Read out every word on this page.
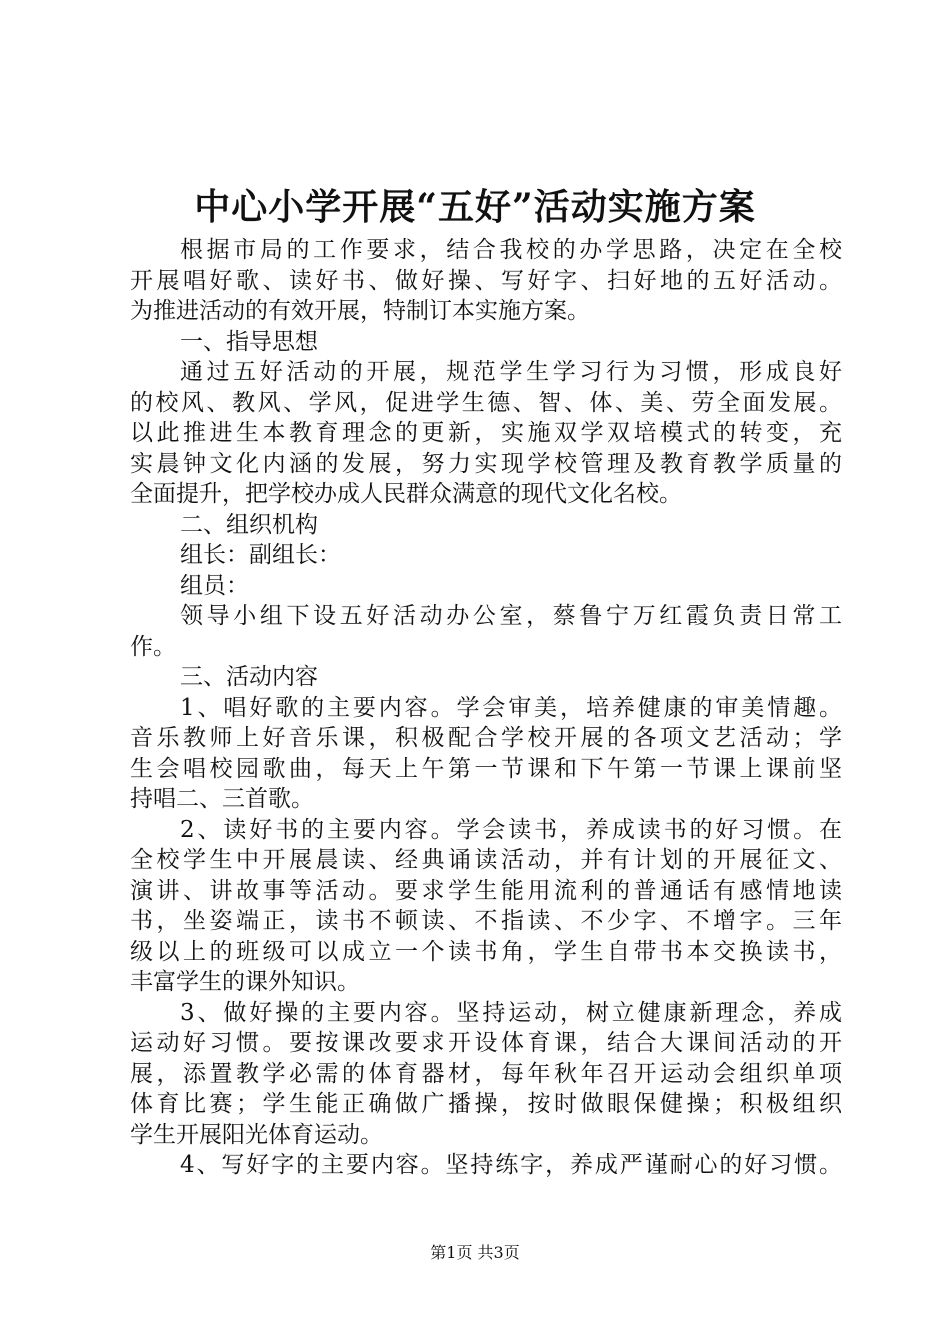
中心小学开展“五好”活动实施方案
根据市局的工作要求，结合我校的办学思路，决定在全校
开展唱好歌、读好书、做好操、写好字、扫好地的五好活动。
为推进活动的有效开展，特制订本实施方案。
一、指导思想
通过五好活动的开展，规范学生学习行为习惯，形成良好
的校风、教风、学风，促进学生德、智、体、美、劳全面发展。
以此推进生本教育理念的更新，实施双学双培模式的转变，充
实晨钟文化内涵的发展，努力实现学校管理及教育教学质量的
全面提升，把学校办成人民群众满意的现代文化名校。
二、组织机构
组长：副组长：
组员：
领导小组下设五好活动办公室，蔡鲁宁万红霞负责日常工
作。
三、活动内容
1、唱好歌的主要内容。学会审美，培养健康的审美情趣。
音乐教师上好音乐课，积极配合学校开展的各项文艺活动；学
生会唱校园歌曲，每天上午第一节课和下午第一节课上课前坚
持唱二、三首歌。
2、读好书的主要内容。学会读书，养成读书的好习惯。在
全校学生中开展晨读、经典诵读活动，并有计划的开展征文、
演讲、讲故事等活动。要求学生能用流利的普通话有感情地读
书，坐姿端正，读书不顿读、不指读、不少字、不增字。三年
级以上的班级可以成立一个读书角，学生自带书本交换读书，
丰富学生的课外知识。
3、做好操的主要内容。坚持运动，树立健康新理念，养成
运动好习惯。要按课改要求开设体育课，结合大课间活动的开
展，添置教学必需的体育器材，每年秋年召开运动会组织单项
体育比赛；学生能正确做广播操，按时做眼保健操；积极组织
学生开展阳光体育运动。
4、写好字的主要内容。坚持练字，养成严谨耐心的好习惯。
第1页 共3页
